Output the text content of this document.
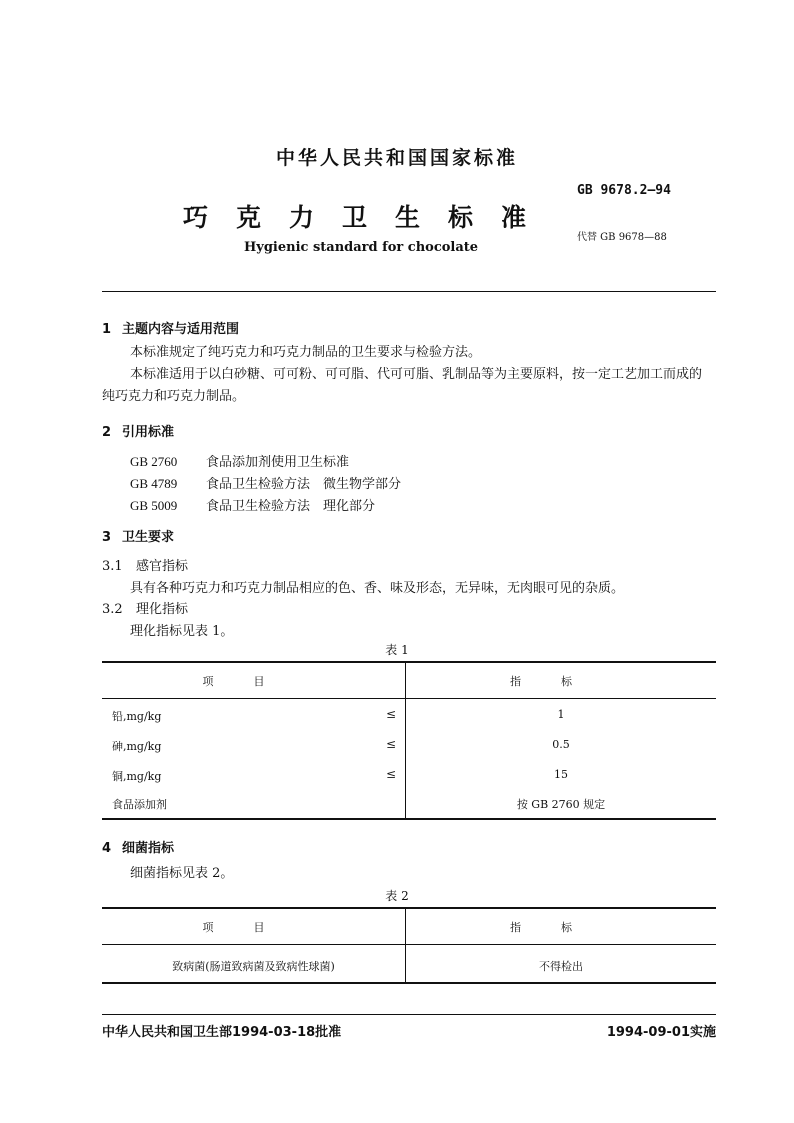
中华人民共和国国家标准
巧克力卫生标准
Hygienic standard for chocolate
GB 9678.2—94
代替 GB 9678—88
1 主题内容与适用范围
本标准规定了纯巧克力和巧克力制品的卫生要求与检验方法。
本标准适用于以白砂糖、可可粉、可可脂、代可可脂、乳制品等为主要原料，按一定工艺加工而成的
纯巧克力和巧克力制品。
2 引用标准
GB 2760 食品添加剂使用卫生标准
GB 4789 食品卫生检验方法　微生物学部分
GB 5009 食品卫生检验方法　理化部分
3 卫生要求
3.1 感官指标
具有各种巧克力和巧克力制品相应的色、香、味及形态，无异味，无肉眼可见的杂质。
3.2 理化指标
理化指标见表 1。
表 1
项目	指标
铅,mg/kg	≤	1
砷,mg/kg	≤	0.5
铜,mg/kg	≤	15
食品添加剂	按 GB 2760 规定
4 细菌指标
细菌指标见表 2。
表 2
项目	指标
致病菌(肠道致病菌及致病性球菌)	不得检出
中华人民共和国卫生部1994-03-18批准	1994-09-01实施
